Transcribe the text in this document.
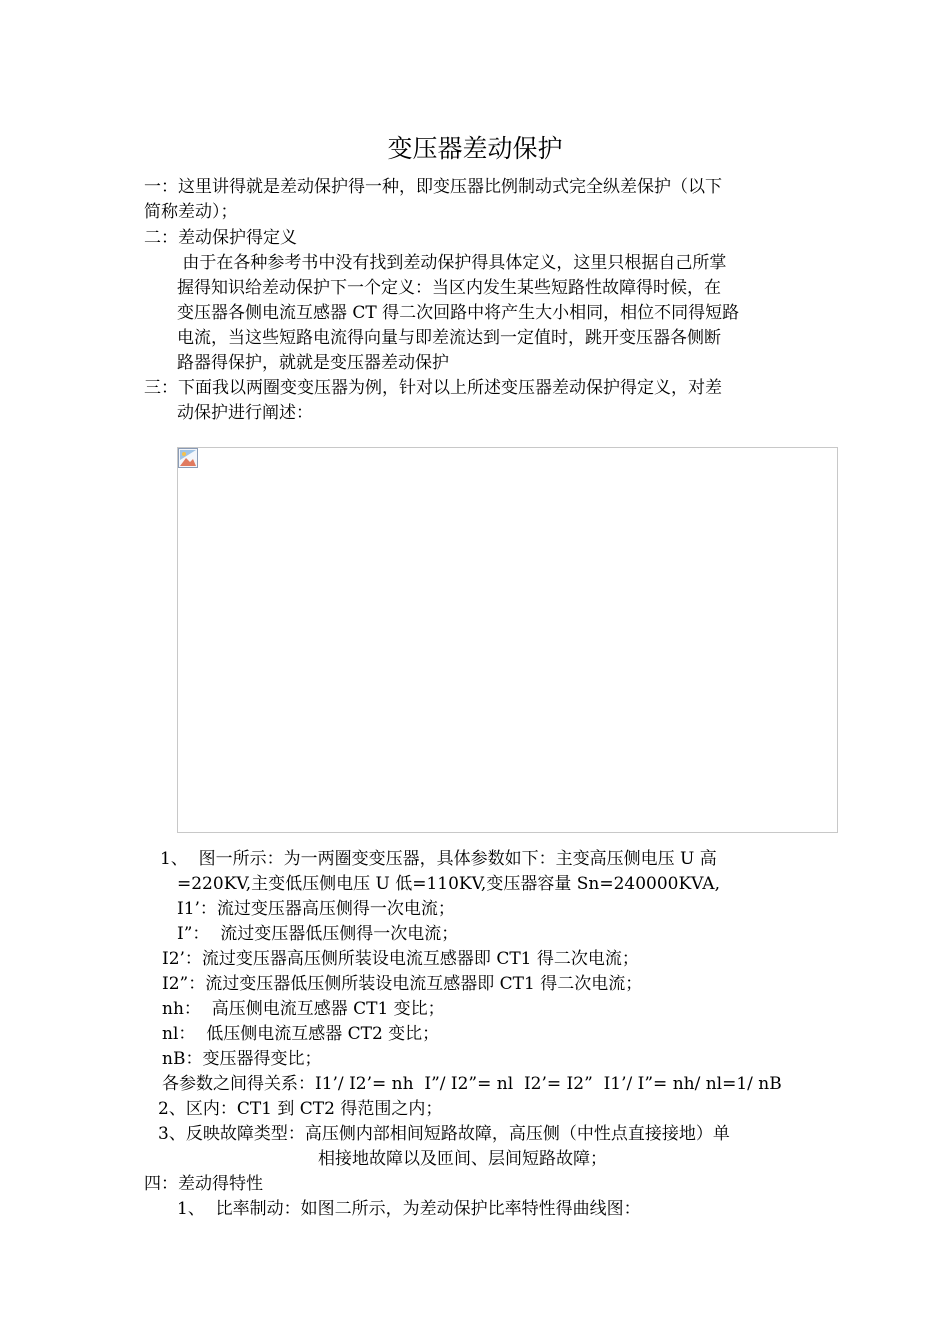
变压器差动保护
一：这里讲得就是差动保护得一种，即变压器比例制动式完全纵差保护（以下
简称差动）；
二：差动保护得定义
由于在各种参考书中没有找到差动保护得具体定义，这里只根据自己所掌
握得知识给差动保护下一个定义：当区内发生某些短路性故障得时候，在
变压器各侧电流互感器 CT 得二次回路中将产生大小相同，相位不同得短路
电流，当这些短路电流得向量与即差流达到一定值时，跳开变压器各侧断
路器得保护，就就是变压器差动保护
三：下面我以两圈变变压器为例，针对以上所述变压器差动保护得定义，对差
动保护进行阐述：
1、  图一所示：为一两圈变变压器，具体参数如下：主变高压侧电压 U 高
=220KV,主变低压侧电压 U 低=110KV,变压器容量 Sn=240000KVA,
I1’：流过变压器高压侧得一次电流；
I”：  流过变压器低压侧得一次电流；
I2’：流过变压器高压侧所装设电流互感器即 CT1 得二次电流；
I2”：流过变压器低压侧所装设电流互感器即 CT1 得二次电流；
nh：  高压侧电流互感器 CT1 变比；
nl：  低压侧电流互感器 CT2 变比；
nB：变压器得变比；
各参数之间得关系：I1’/ I2’= nh  I”/ I2”= nl  I2’= I2”  I1’/ I”= nh/ nl=1/ nB
2、区内：CT1 到 CT2 得范围之内；
3、反映故障类型：高压侧内部相间短路故障，高压侧（中性点直接接地）单
相接地故障以及匝间、层间短路故障；
四：差动得特性
1、  比率制动：如图二所示，为差动保护比率特性得曲线图：
